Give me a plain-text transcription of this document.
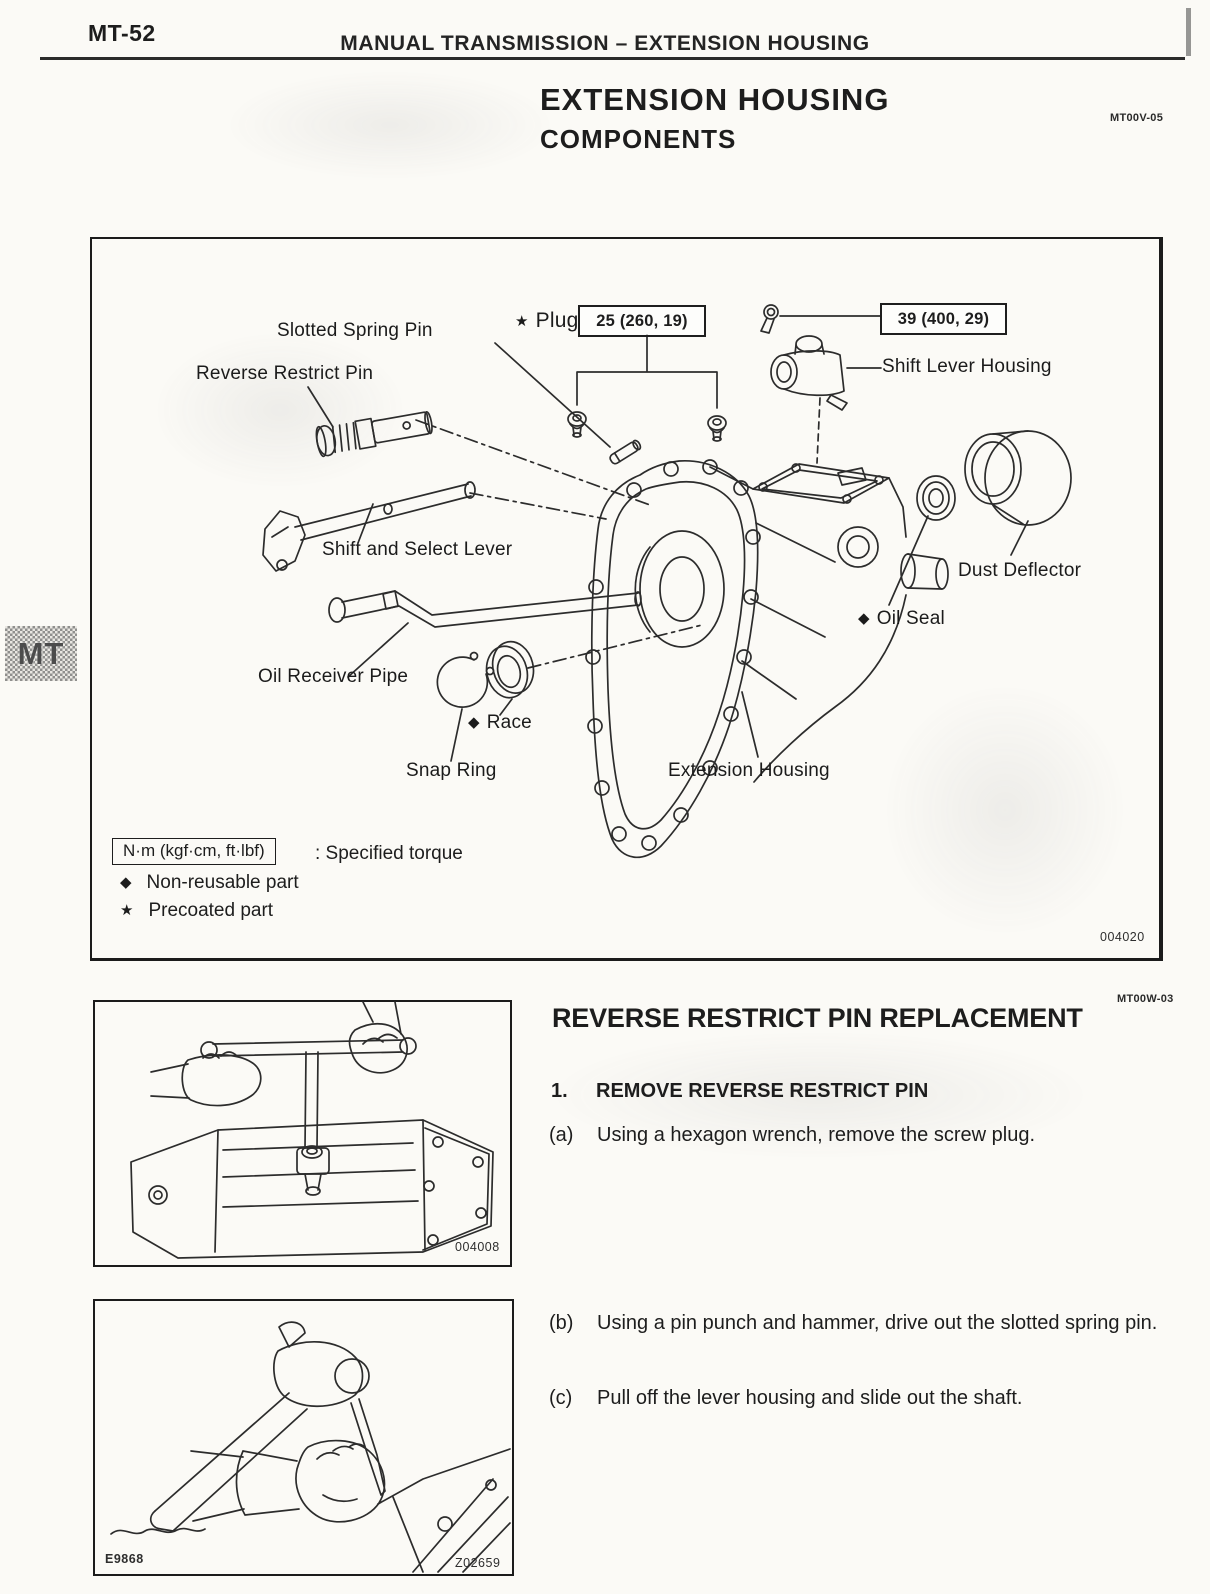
MT-52	MANUAL TRANSMISSION – EXTENSION HOUSING
EXTENSION HOUSING
COMPONENTS
MT00V-05
MT
Slotted Spring Pin
Reverse Restrict Pin
★ Plug	25 (260, 19)	39 (400, 29)
Shift Lever Housing
Shift and Select Lever
Dust Deflector
◆ Oil Seal
Oil Receiver Pipe
◆ Race
Snap Ring	Extension Housing
N·m (kgf·cm, ft·lbf)	: Specified torque
◆ Non-reusable part
★ Precoated part
004020
MT00W-03
REVERSE RESTRICT PIN REPLACEMENT
1. REMOVE REVERSE RESTRICT PIN
(a)	Using a hexagon wrench, remove the screw plug.
(b)	Using a pin punch and hammer, drive out the slotted spring pin.
(c)	Pull off the lever housing and slide out the shaft.
004008
E9868	Z02659
